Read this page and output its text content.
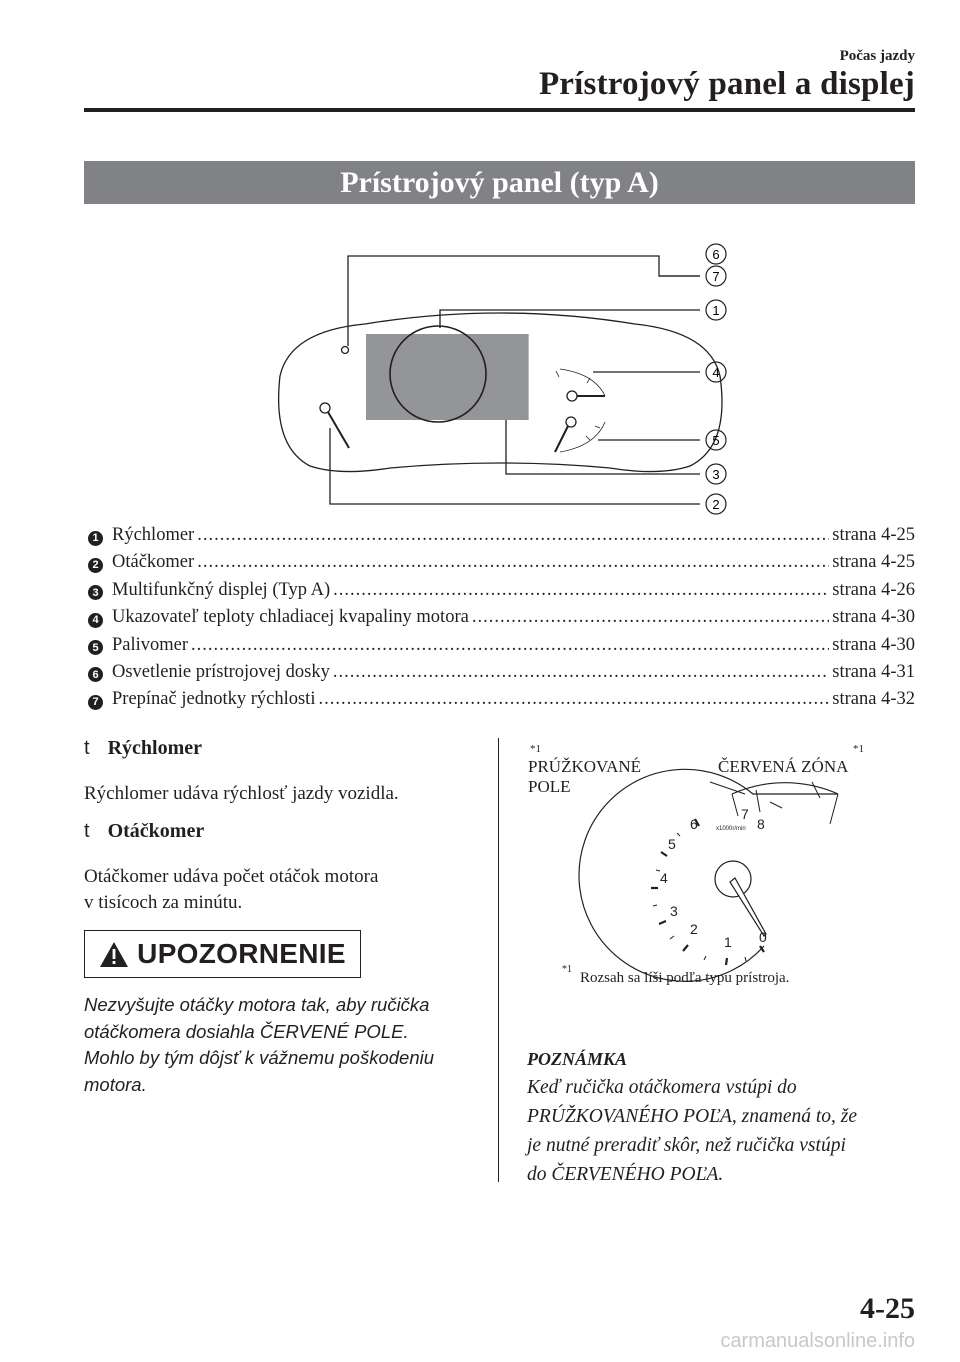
Počas jazdy
Prístrojový panel a displej
Prístrojový panel (typ A)
6
7
1
4
5
3
2
1 Rýchlomer .....	strana 4-25
2 Otáčkomer .....	strana 4-25
3 Multifunkčný displej (Typ A) .....	strana 4-26
4 Ukazovateľ teploty chladiacej kvapaliny motora .....	strana 4-30
5 Palivomer .....	strana 4-30
6 Osvetlenie prístrojovej dosky .....	strana 4-31
7 Prepínač jednotky rýchlosti .....	strana 4-32
t Rýchlomer
Rýchlomer udáva rýchlosť jazdy vozidla.
t Otáčkomer
Otáčkomer udáva počet otáčok motora
v tisícoch za minútu.
UPOZORNENIE
Nezvyšujte otáčky motora tak, aby ručička
otáčkomera dosiahla ČERVENÉ POLE.
Mohlo by tým dôjsť k vážnemu poškodeniu
motora.
*1
PRÚŽKOVANÉ
POLE
ČERVENÁ ZÓNA
*1
0
1
2
3
4
5
6
7
8
x1000r/min
*1
Rozsah sa líši podľa typu prístroja.
POZNÁMKA
Keď ručička otáčkomera vstúpi do
PRÚŽKOVANÉHO POĽA, znamená to, že
je nutné preradiť skôr, než ručička vstúpi
do ČERVENÉHO POĽA.
4-25
carmanualsonline.info
